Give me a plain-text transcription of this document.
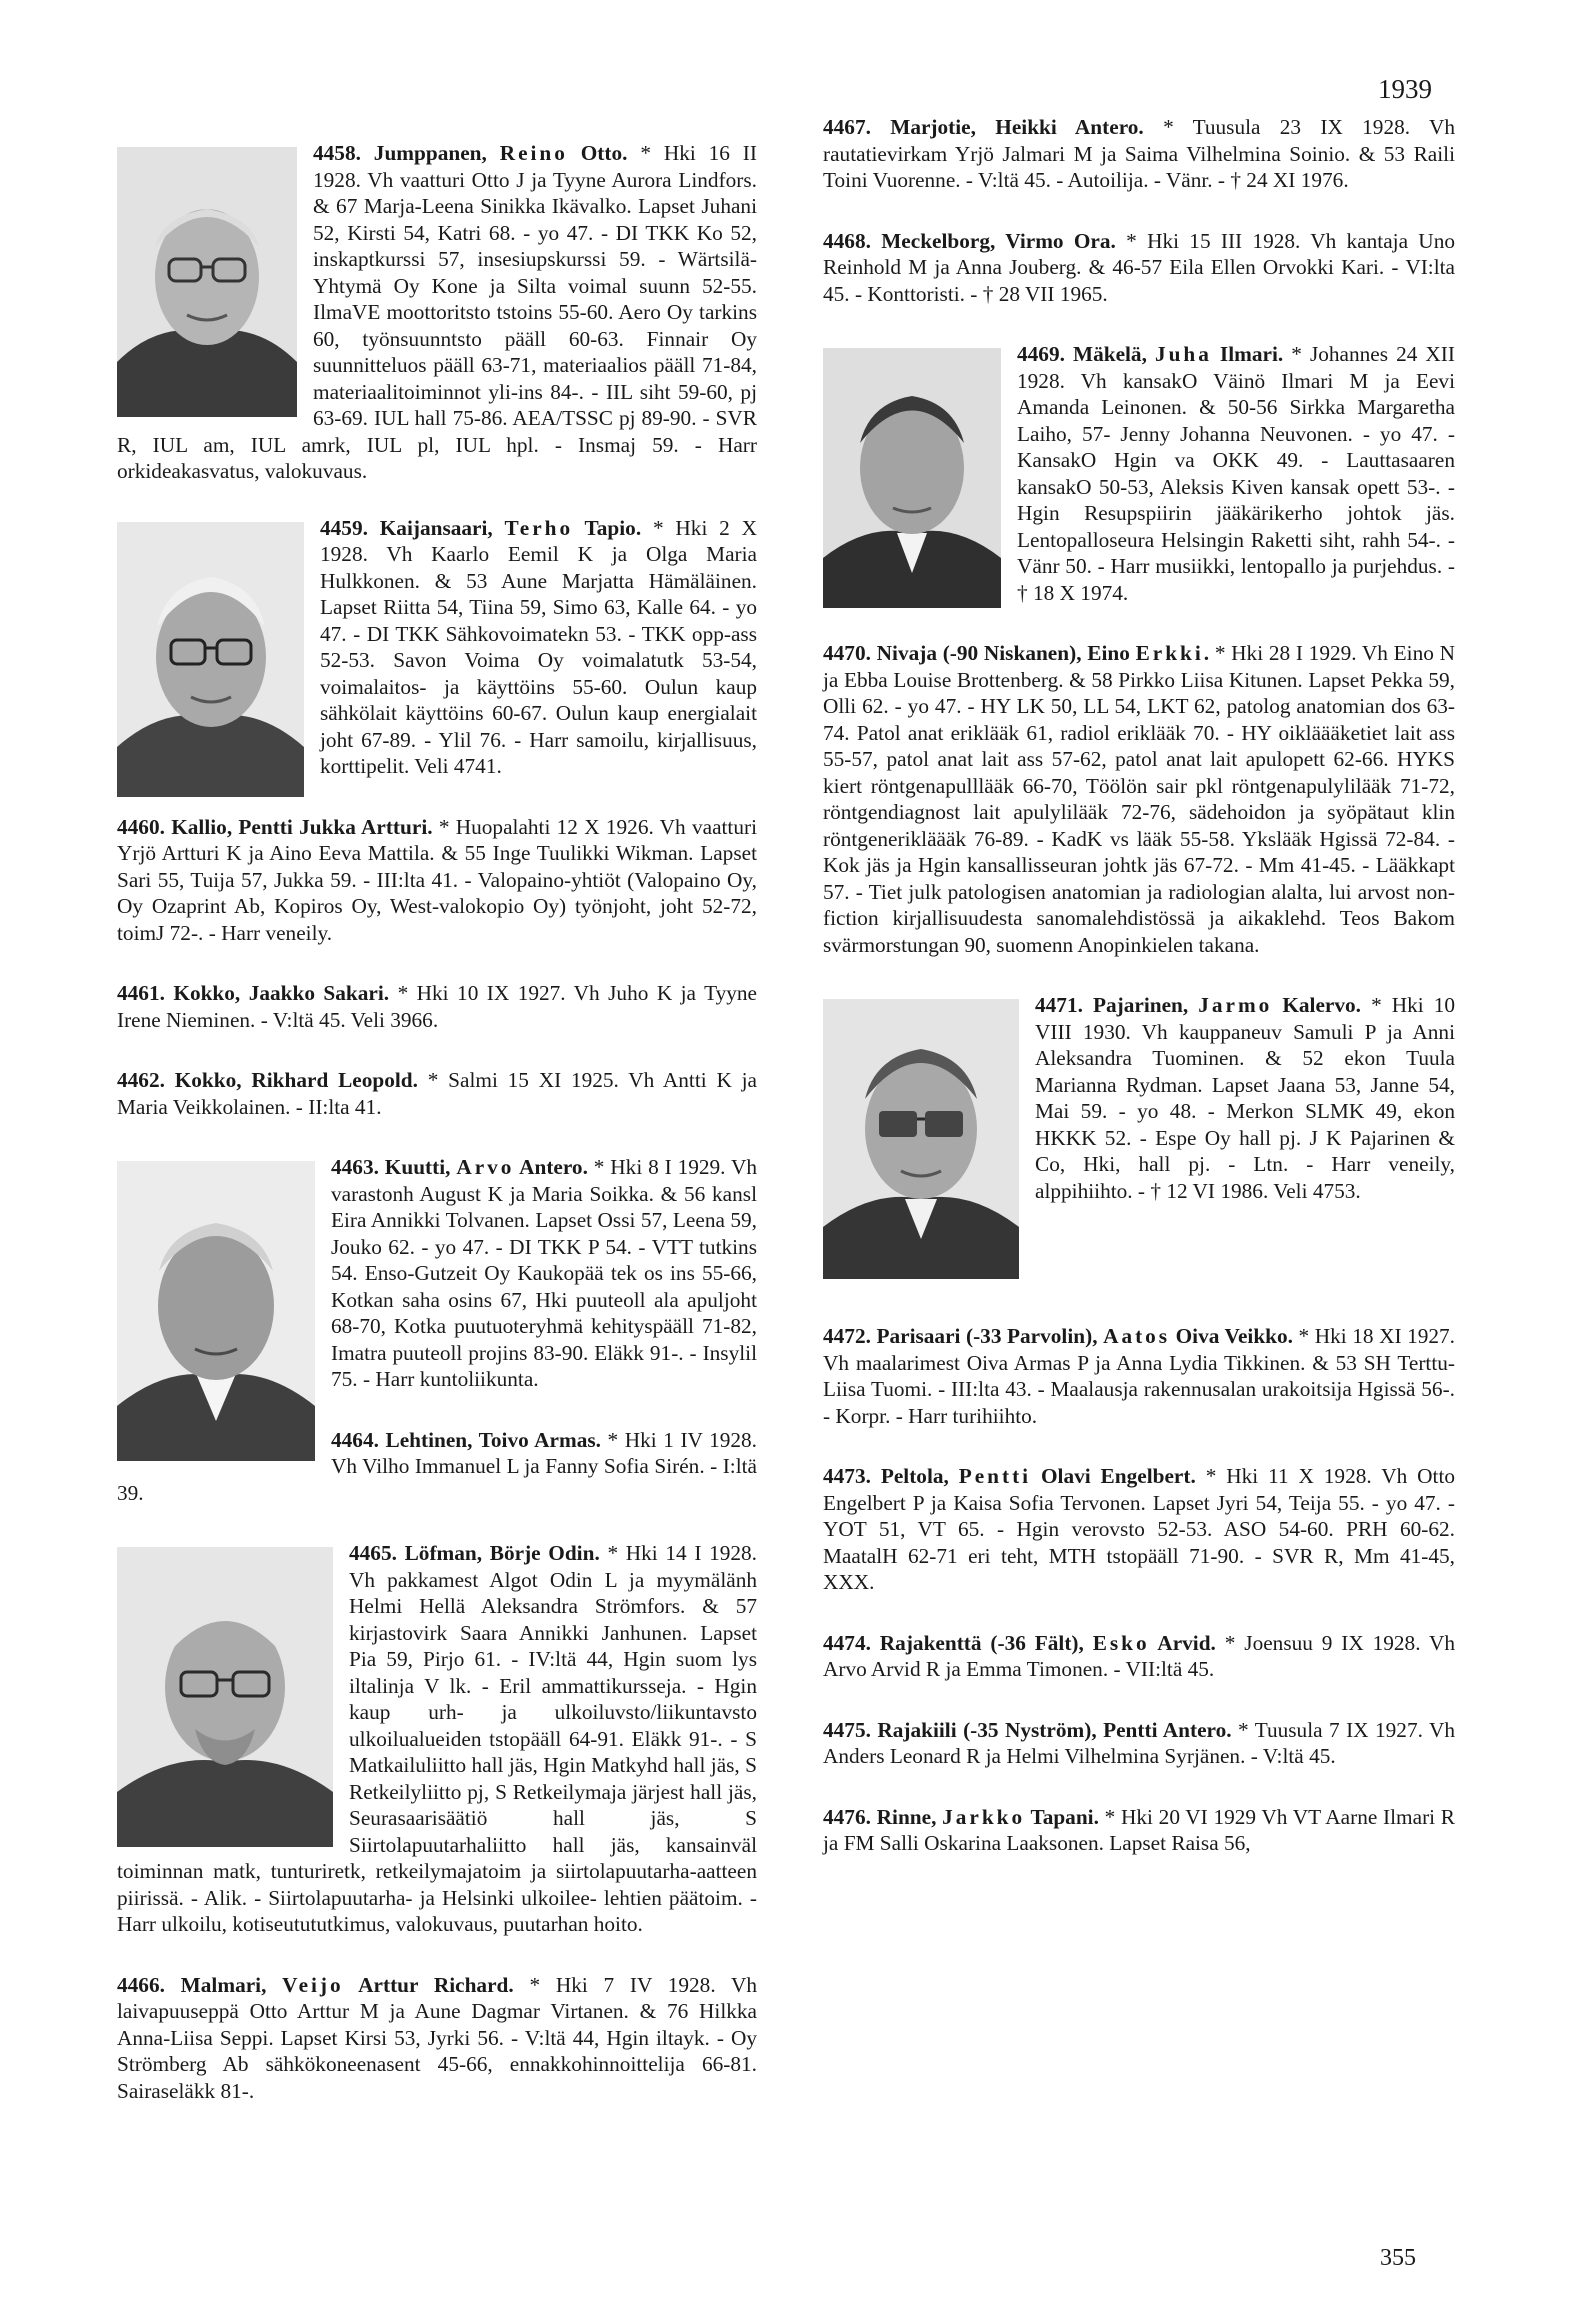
1939

4458. Jumppanen, Reino Otto. * Hki 16 II 1928. Vh vaatturi Otto J ja Tyyne Aurora Lindfors. & 67 Marja-Leena Sinikka Ikävalko. Lapset Juhani 52, Kirsti 54, Katri 68. - yo 47. - DI TKK Ko 52, inskaptkurssi 57, insesiupskurssi 59. - Wärtsilä-Yhtymä Oy Kone ja Silta voimal suunn 52-55. IlmaVE moottoritsto tstoins 55-60. Aero Oy tarkins 60, työnsuunntsto pääll 60-63. Finnair Oy suunnitteluos pääll 63-71, materiaalios pääll 71-84, materiaalitoiminnot yli-ins 84-. - IIL siht 59-60, pj 63-69. IUL hall 75-86. AEA/TSSC pj 89-90. - SVR R, IUL am, IUL amrk, IUL pl, IUL hpl. - Insmaj 59. - Harr orkideakasvatus, valokuvaus.

4459. Kaijansaari, Terho Tapio. * Hki 2 X 1928. Vh Kaarlo Eemil K ja Olga Maria Hulkkonen. & 53 Aune Marjatta Hämäläinen. Lapset Riitta 54, Tiina 59, Simo 63, Kalle 64. - yo 47. - DI TKK Sähkovoimatekn 53. - TKK opp-ass 52-53. Savon Voima Oy voimalatutk 53-54, voimalaitos- ja käyttöins 55-60. Oulun kaup sähkölait käyttöins 60-67. Oulun kaup energialait joht 67-89. - Ylil 76. - Harr samoilu, kirjallisuus, korttipelit. Veli 4741.

4460. Kallio, Pentti Jukka Artturi. * Huopalahti 12 X 1926. Vh vaatturi Yrjö Artturi K ja Aino Eeva Mattila. & 55 Inge Tuulikki Wikman. Lapset Sari 55, Tuija 57, Jukka 59. - III:lta 41. - Valopaino-yhtiöt (Valopaino Oy, Oy Ozaprint Ab, Kopiros Oy, West-valokopio Oy) työnjoht, joht 52-72, toimJ 72-. - Harr veneily.

4461. Kokko, Jaakko Sakari. * Hki 10 IX 1927. Vh Juho K ja Tyyne Irene Nieminen. - V:ltä 45. Veli 3966.

4462. Kokko, Rikhard Leopold. * Salmi 15 XI 1925. Vh Antti K ja Maria Veikkolainen. - II:lta 41.

4463. Kuutti, Arvo Antero. * Hki 8 I 1929. Vh varastonh August K ja Maria Soikka. & 56 kansl Eira Annikki Tolvanen. Lapset Ossi 57, Leena 59, Jouko 62. - yo 47. - DI TKK P 54. - VTT tutkins 54. Enso-Gutzeit Oy Kaukopää tek os ins 55-66, Kotkan saha osins 67, Hki puuteoll ala apuljoht 68-70, Kotka puutuoteryhmä kehityspääll 71-82, Imatra puuteoll projins 83-90. Eläkk 91-. - Insylil 75. - Harr kuntoliikunta.

4464. Lehtinen, Toivo Armas. * Hki 1 IV 1928. Vh Vilho Immanuel L ja Fanny Sofia Sirén. - I:ltä 39.

4465. Löfman, Börje Odin. * Hki 14 I 1928. Vh pakkamest Algot Odin L ja myymälänh Helmi Hellä Aleksandra Strömfors. & 57 kirjastovirk Saara Annikki Janhunen. Lapset Pia 59, Pirjo 61. - IV:ltä 44, Hgin suom lys iltalinja V lk. - Eril ammattikursseja. - Hgin kaup urh- ja ulkoiluvsto/liikuntavsto ulkoilualueiden tstopääll 64-91. Eläkk 91-. - S Matkailuliitto hall jäs, Hgin Matkyhd hall jäs, S Retkeilyliitto pj, S Retkeilymaja järjest hall jäs, Seurasaarisäätiö hall jäs, S Siirtolapuutarhaliitto hall jäs, kansainväl toiminnan matk, tunturiretk, retkeilymajatoim ja siirtolapuutarha-aatteen piirissä. - Alik. - Siirtolapuutarha- ja Helsinki ulkoilee- lehtien päätoim. - Harr ulkoilu, kotiseutututkimus, valokuvaus, puutarhan hoito.

4466. Malmari, Veijo Arttur Richard. * Hki 7 IV 1928. Vh laivapuuseppä Otto Arttur M ja Aune Dagmar Virtanen. & 76 Hilkka Anna-Liisa Seppi. Lapset Kirsi 53, Jyrki 56. - V:ltä 44, Hgin iltayk. - Oy Strömberg Ab sähkökoneenasent 45-66, ennakkohinnoittelija 66-81. Sairaseläkk 81-.

4467. Marjotie, Heikki Antero. * Tuusula 23 IX 1928. Vh rautatievirkam Yrjö Jalmari M ja Saima Vilhelmina Soinio. & 53 Raili Toini Vuorenne. - V:ltä 45. - Autoilija. - Vänr. - † 24 XI 1976.

4468. Meckelborg, Virmo Ora. * Hki 15 III 1928. Vh kantaja Uno Reinhold M ja Anna Jouberg. & 46-57 Eila Ellen Orvokki Kari. - VI:lta 45. - Konttoristi. - † 28 VII 1965.

4469. Mäkelä, Juha Ilmari. * Johannes 24 XII 1928. Vh kansakO Väinö Ilmari M ja Eevi Amanda Leinonen. & 50-56 Sirkka Margaretha Laiho, 57- Jenny Johanna Neuvonen. - yo 47. - KansakO Hgin va OKK 49. - Lauttasaaren kansakO 50-53, Aleksis Kiven kansak opett 53-. - Hgin Resupspiirin jääkärikerho johtok jäs. Lentopalloseura Helsingin Raketti siht, rahh 54-. - Vänr 50. - Harr musiikki, lentopallo ja purjehdus. - † 18 X 1974.

4470. Nivaja (-90 Niskanen), Eino Erkki. * Hki 28 I 1929. Vh Eino N ja Ebba Louise Brottenberg. & 58 Pirkko Liisa Kitunen. Lapset Pekka 59, Olli 62. - yo 47. - HY LK 50, LL 54, LKT 62, patolog anatomian dos 63-74. Patol anat eriklääk 61, radiol eriklääk 70. - HY oikläääketiet lait ass 55-57, patol anat lait ass 57-62, patol anat lait apulopett 62-66. HYKS kiert röntgenapulllääk 66-70, Töölön sair pkl röntgenapulylilääk 71-72, röntgendiagnost lait apulylilääk 72-76, sädehoidon ja syöpätaut klin röntgenerikläääk 76-89. - KadK vs lääk 55-58. Ykslääk Hgissä 72-84. - Kok jäs ja Hgin kansallisseuran johtk jäs 67-72. - Mm 41-45. - Lääkkapt 57. - Tiet julk patologisen anatomian ja radiologian alalta, lui arvost non-fiction kirjallisuudesta sanomalehdistössä ja aikaklehd. Teos Bakom svärmorstungan 90, suomenn Anopinkielen takana.

4471. Pajarinen, Jarmo Kalervo. * Hki 10 VIII 1930. Vh kauppaneuv Samuli P ja Anni Aleksandra Tuominen. & 52 ekon Tuula Marianna Rydman. Lapset Jaana 53, Janne 54, Mai 59. - yo 48. - Merkon SLMK 49, ekon HKKK 52. - Espe Oy hall pj. J K Pajarinen & Co, Hki, hall pj. - Ltn. - Harr veneily, alppihiihto. - † 12 VI 1986. Veli 4753.

4472. Parisaari (-33 Parvolin), Aatos Oiva Veikko. * Hki 18 XI 1927. Vh maalarimest Oiva Armas P ja Anna Lydia Tikkinen. & 53 SH Terttu-Liisa Tuomi. - III:lta 43. - Maalausja rakennusalan urakoitsija Hgissä 56-. - Korpr. - Harr turihiihto.

4473. Peltola, Pentti Olavi Engelbert. * Hki 11 X 1928. Vh Otto Engelbert P ja Kaisa Sofia Tervonen. Lapset Jyri 54, Teija 55. - yo 47. - YOT 51, VT 65. - Hgin verovsto 52-53. ASO 54-60. PRH 60-62. MaatalH 62-71 eri teht, MTH tstopääll 71-90. - SVR R, Mm 41-45, XXX.

4474. Rajakenttä (-36 Fält), Esko Arvid. * Joensuu 9 IX 1928. Vh Arvo Arvid R ja Emma Timonen. - VII:ltä 45.

4475. Rajakiili (-35 Nyström), Pentti Antero. * Tuusula 7 IX 1927. Vh Anders Leonard R ja Helmi Vilhelmina Syrjänen. - V:ltä 45.

4476. Rinne, Jarkko Tapani. * Hki 20 VI 1929 Vh VT Aarne Ilmari R ja FM Salli Oskarina Laaksonen. Lapset Raisa 56,

355
